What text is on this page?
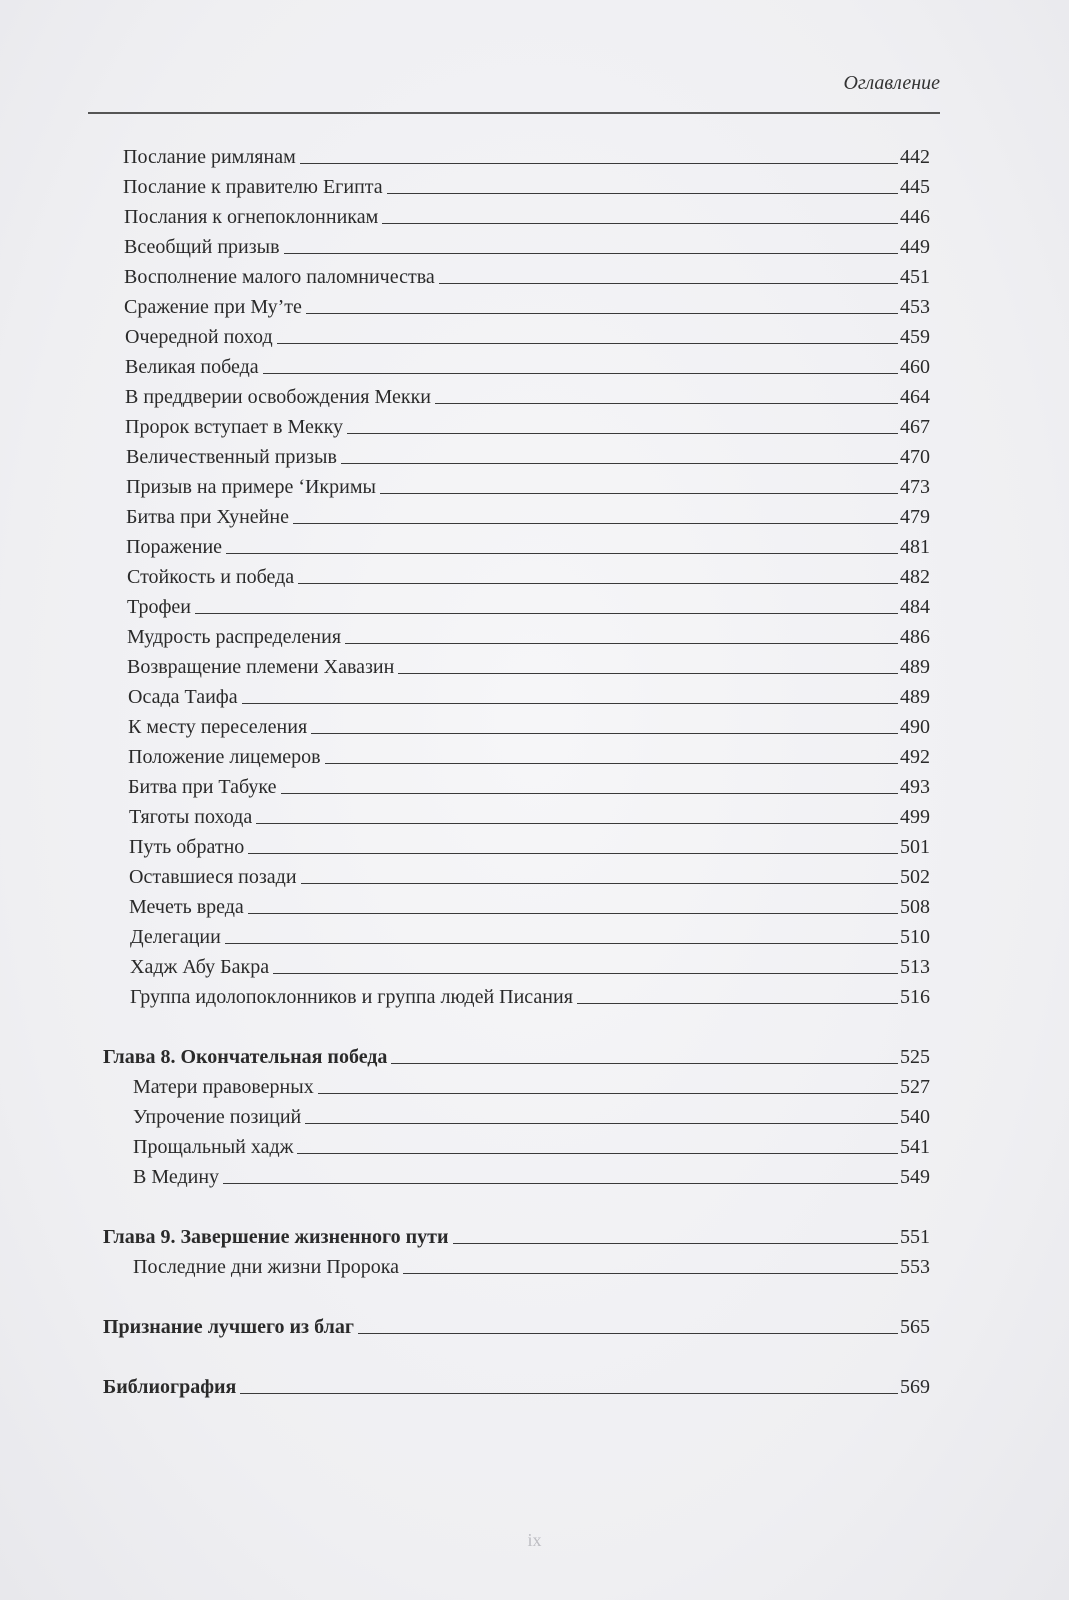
Оглавление
Послание римлянам	442
Послание к правителю Египта	445
Послания к огнепоклонникам	446
Всеобщий призыв	449
Восполнение малого паломничества	451
Сражение при Му’те	453
Очередной поход	459
Великая победа	460
В преддверии освобождения Мекки	464
Пророк вступает в Мекку	467
Величественный призыв	470
Призыв на примере ‘Икримы	473
Битва при Хунейне	479
Поражение	481
Стойкость и победа	482
Трофеи	484
Мудрость распределения	486
Возвращение племени Хавазин	489
Осада Таифа	489
К месту переселения	490
Положение лицемеров	492
Битва при Табуке	493
Тяготы похода	499
Путь обратно	501
Оставшиеся позади	502
Мечеть вреда	508
Делегации	510
Хадж Абу Бакра	513
Группа идолопоклонников и группа людей Писания	516
Глава 8. Окончательная победа	525
Матери правоверных	527
Упрочение позиций	540
Прощальный хадж	541
В Медину	549
Глава 9. Завершение жизненного пути	551
Последние дни жизни Пророка	553
Признание лучшего из благ	565
Библиография	569
ix
